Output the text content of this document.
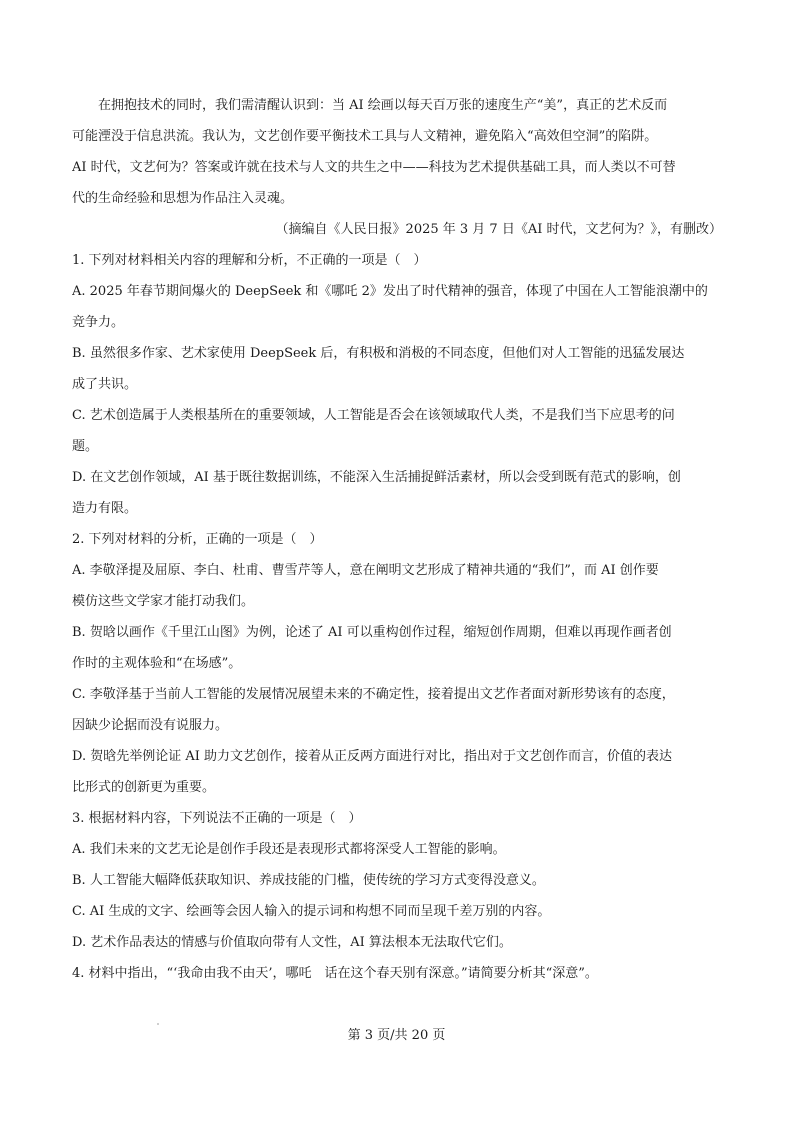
在拥抱技术的同时，我们需清醒认识到：当 AI 绘画以每天百万张的速度生产“美”，真正的艺术反而
可能湮没于信息洪流。我认为，文艺创作要平衡技术工具与人文精神，避免陷入“高效但空洞”的陷阱。
AI 时代，文艺何为？答案或许就在技术与人文的共生之中——科技为艺术提供基础工具，而人类以不可替
代的生命经验和思想为作品注入灵魂。
（摘编自《人民日报》2025 年 3 月 7 日《AI 时代，文艺何为？》，有删改）
1. 下列对材料相关内容的理解和分析，不正确的一项是（　）
A. 2025 年春节期间爆火的 DeepSeek 和《哪吒 2》发出了时代精神的强音，体现了中国在人工智能浪潮中的
竞争力。
B. 虽然很多作家、艺术家使用 DeepSeek 后，有积极和消极的不同态度，但他们对人工智能的迅猛发展达
成了共识。
C. 艺术创造属于人类根基所在的重要领域，人工智能是否会在该领域取代人类，不是我们当下应思考的问
题。
D. 在文艺创作领域，AI 基于既往数据训练，不能深入生活捕捉鲜活素材，所以会受到既有范式的影响，创
造力有限。
2. 下列对材料的分析，正确的一项是（　）
A. 李敬泽提及屈原、李白、杜甫、曹雪芹等人，意在阐明文艺形成了精神共通的“我们”，而 AI 创作要
模仿这些文学家才能打动我们。
B. 贺晗以画作《千里江山图》为例，论述了 AI 可以重构创作过程，缩短创作周期，但难以再现作画者创
作时的主观体验和“在场感”。
C. 李敬泽基于当前人工智能的发展情况展望未来的不确定性，接着提出文艺作者面对新形势该有的态度，
因缺少论据而没有说服力。
D. 贺晗先举例论证 AI 助力文艺创作，接着从正反两方面进行对比，指出对于文艺创作而言，价值的表达
比形式的创新更为重要。
3. 根据材料内容，下列说法不正确的一项是（　）
A. 我们未来的文艺无论是创作手段还是表现形式都将深受人工智能的影响。
B. 人工智能大幅降低获取知识、养成技能的门槛，使传统的学习方式变得没意义。
C. AI 生成的文字、绘画等会因人输入的提示词和构想不同而呈现千差万别的内容。
D. 艺术作品表达的情感与价值取向带有人文性，AI 算法根本无法取代它们。
4. 材料中指出，“‘我命由我不由天’，哪吒　话在这个春天别有深意。”请简要分析其“深意”。
第 3 页/共 20 页
